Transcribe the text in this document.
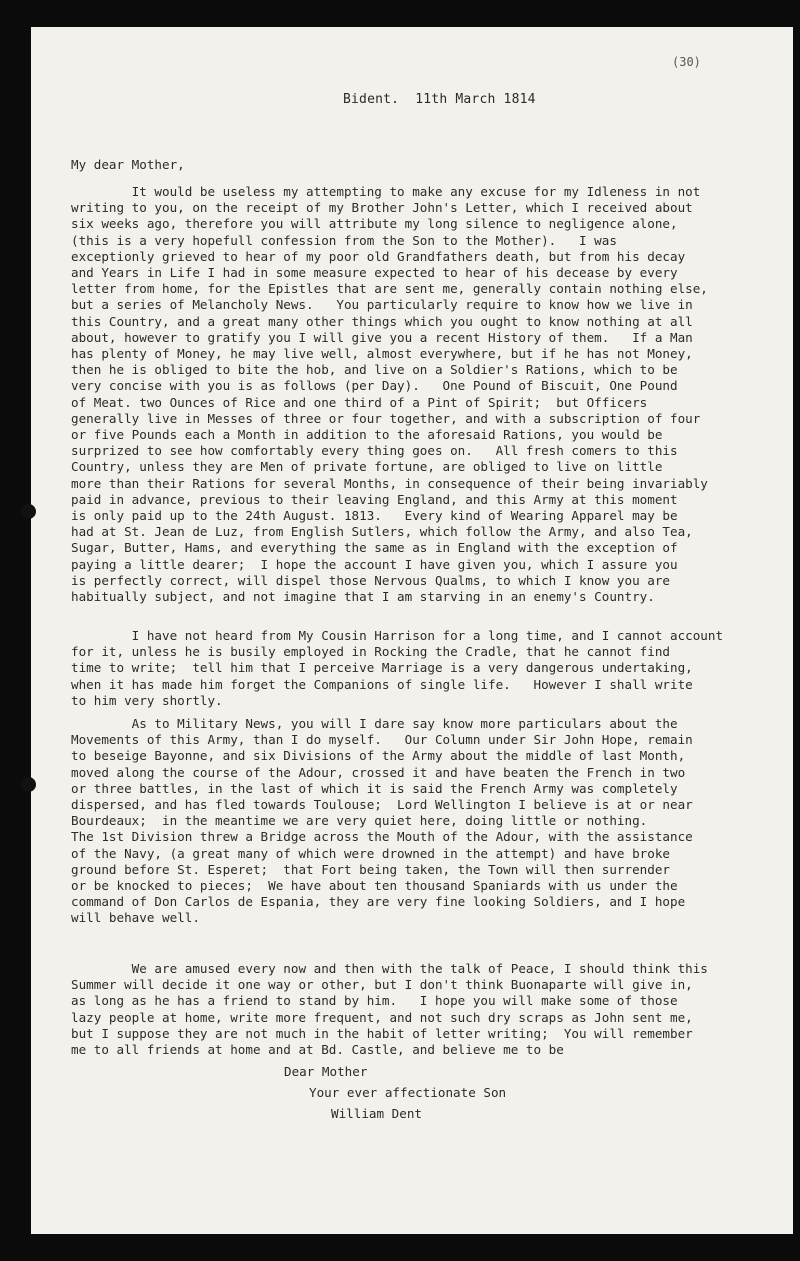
(30)
Bident. 11th March 1814
My dear Mother,
It would be useless my attempting to make any excuse for my Idleness in not
writing to you, on the receipt of my Brother John's Letter, which I received about
six weeks ago, therefore you will attribute my long silence to negligence alone,
(this is a very hopefull confession from the Son to the Mother).   I was
exceptionly grieved to hear of my poor old Grandfathers death, but from his decay
and Years in Life I had in some measure expected to hear of his decease by every
letter from home, for the Epistles that are sent me, generally contain nothing else,
but a series of Melancholy News.   You particularly require to know how we live in
this Country, and a great many other things which you ought to know nothing at all
about, however to gratify you I will give you a recent History of them.   If a Man
has plenty of Money, he may live well, almost everywhere, but if he has not Money,
then he is obliged to bite the hob, and live on a Soldier's Rations, which to be
very concise with you is as follows (per Day).   One Pound of Biscuit, One Pound
of Meat. two Ounces of Rice and one third of a Pint of Spirit;  but Officers
generally live in Messes of three or four together, and with a subscription of four
or five Pounds each a Month in addition to the aforesaid Rations, you would be
surprized to see how comfortably every thing goes on.   All fresh comers to this
Country, unless they are Men of private fortune, are obliged to live on little
more than their Rations for several Months, in consequence of their being invariably
paid in advance, previous to their leaving England, and this Army at this moment
is only paid up to the 24th August. 1813.   Every kind of Wearing Apparel may be
had at St. Jean de Luz, from English Sutlers, which follow the Army, and also Tea,
Sugar, Butter, Hams, and everything the same as in England with the exception of
paying a little dearer;  I hope the account I have given you, which I assure you
is perfectly correct, will dispel those Nervous Qualms, to which I know you are
habitually subject, and not imagine that I am starving in an enemy's Country.
I have not heard from My Cousin Harrison for a long time, and I cannot account
for it, unless he is busily employed in Rocking the Cradle, that he cannot find
time to write;  tell him that I perceive Marriage is a very dangerous undertaking,
when it has made him forget the Companions of single life.   However I shall write
to him very shortly.
As to Military News, you will I dare say know more particulars about the
Movements of this Army, than I do myself.   Our Column under Sir John Hope, remain
to beseige Bayonne, and six Divisions of the Army about the middle of last Month,
moved along the course of the Adour, crossed it and have beaten the French in two
or three battles, in the last of which it is said the French Army was completely
dispersed, and has fled towards Toulouse;  Lord Wellington I believe is at or near
Bourdeaux;  in the meantime we are very quiet here, doing little or nothing.
The 1st Division threw a Bridge across the Mouth of the Adour, with the assistance
of the Navy, (a great many of which were drowned in the attempt) and have broke
ground before St. Esperet;  that Fort being taken, the Town will then surrender
or be knocked to pieces;  We have about ten thousand Spaniards with us under the
command of Don Carlos de Espania, they are very fine looking Soldiers, and I hope
will behave well.
We are amused every now and then with the talk of Peace, I should think this
Summer will decide it one way or other, but I don't think Buonaparte will give in,
as long as he has a friend to stand by him.   I hope you will make some of those
lazy people at home, write more frequent, and not such dry scraps as John sent me,
but I suppose they are not much in the habit of letter writing;  You will remember
me to all friends at home and at Bd. Castle, and believe me to be
Dear Mother
Your ever affectionate Son
William Dent
